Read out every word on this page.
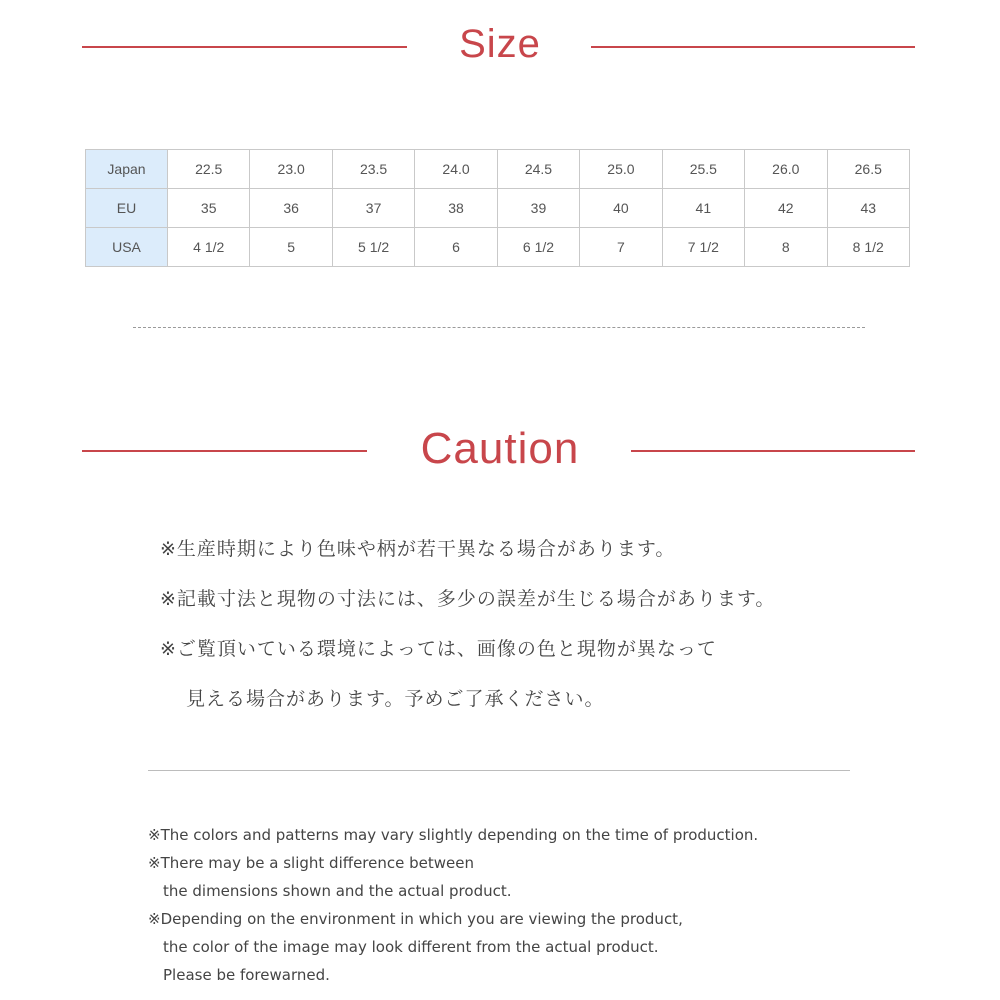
Size
Japan	22.5	23.0	23.5	24.0	24.5	25.0	25.5	26.0	26.5
EU	35	36	37	38	39	40	41	42	43
USA	4 1/2	5	5 1/2	6	6 1/2	7	7 1/2	8	8 1/2
Caution

※生産時期により色味や柄が若干異なる場合があります。

※記載寸法と現物の寸法には、多少の誤差が生じる場合があります。

※ご覧頂いている環境によっては、画像の色と現物が異なって

見える場合があります。予めご了承ください。

※The colors and patterns may vary slightly depending on the time of production.

※There may be a slight difference between

the dimensions shown and the actual product.

※Depending on the environment in which you are viewing the product,

the color of the image may look different from the actual product.

Please be forewarned.
